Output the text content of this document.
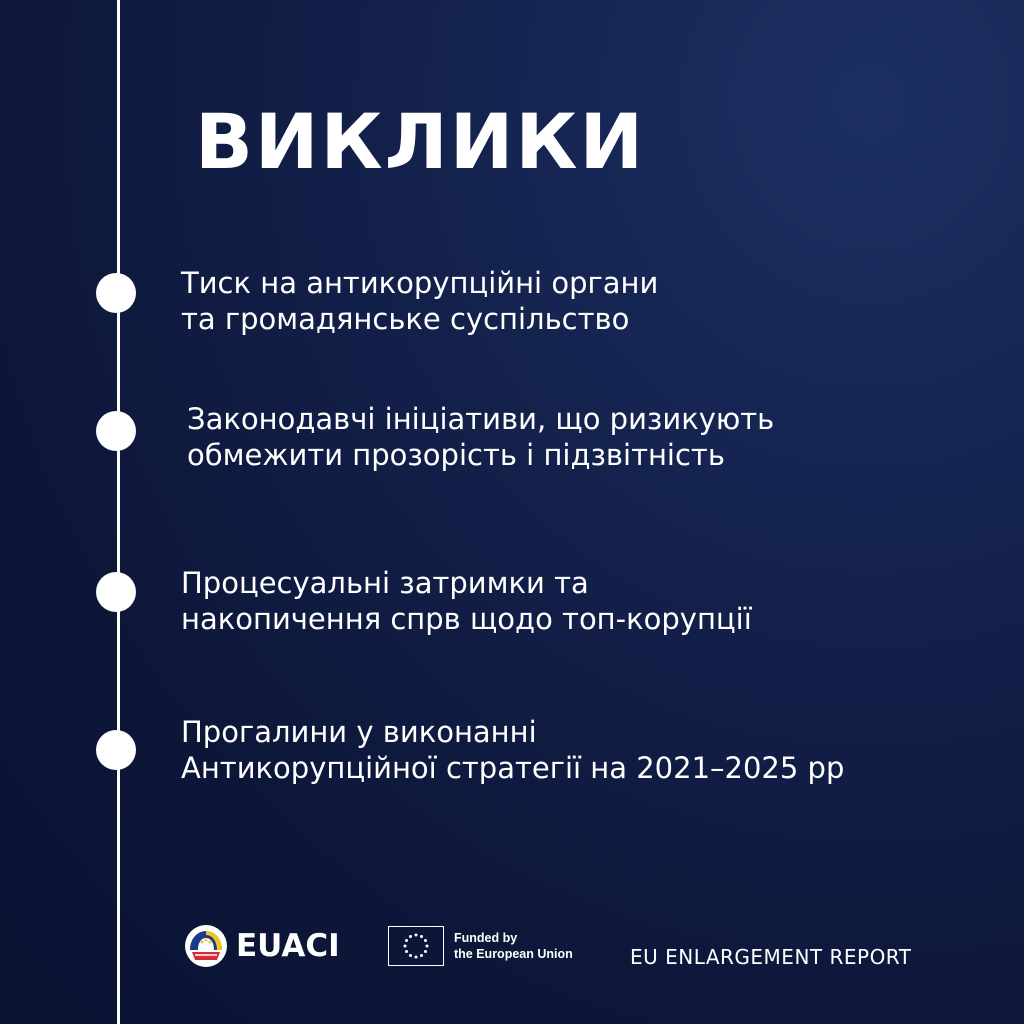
ВИКЛИКИ
Тиск на антикорупційні органи
та громадянське суспільство
Законодавчі ініціативи, що ризикують
обмежити прозорість і підзвітність
Процесуальні затримки та
накопичення спрв щодо топ-корупції
Прогалини у виконанні
Антикорупційної стратегії на 2021–2025 рр
EUACI	Funded by
the European Union	EU ENLARGEMENT REPORT
